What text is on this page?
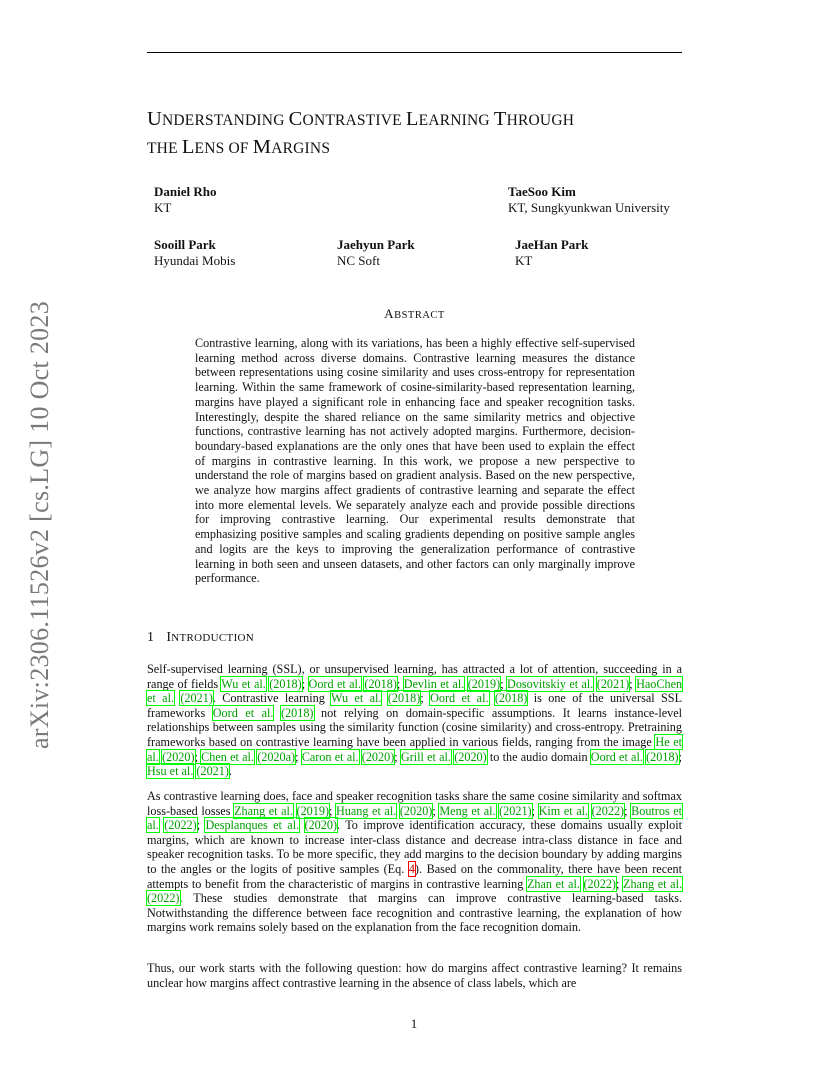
arXiv:2306.11526v2 [cs.LG] 10 Oct 2023
UNDERSTANDING CONTRASTIVE LEARNING THROUGH
THE LENS OF MARGINS
Daniel Rho
KT
TaeSoo Kim
KT, Sungkyunkwan University
Sooill Park
Hyundai Mobis
Jaehyun Park
NC Soft
JaeHan Park
KT
ABSTRACT

Contrastive learning, along with its variations, has been a highly effective self-supervised learning method across diverse domains. Contrastive learning measures the distance between representations using cosine similarity and uses cross-entropy for representation learning. Within the same framework of cosine-similarity-based representation learning, margins have played a significant role in enhancing face and speaker recognition tasks. Interestingly, despite the shared reliance on the same similarity metrics and objective functions, contrastive learning has not actively adopted margins. Furthermore, decision-boundary-based explanations are the only ones that have been used to explain the effect of margins in contrastive learning. In this work, we propose a new perspective to understand the role of margins based on gradient analysis. Based on the new perspective, we analyze how margins affect gradients of contrastive learning and separate the effect into more elemental levels. We separately analyze each and provide possible directions for improving contrastive learning. Our experimental results demonstrate that emphasizing positive samples and scaling gradients depending on positive sample angles and logits are the keys to improving the generalization performance of contrastive learning in both seen and unseen datasets, and other factors can only marginally improve performance.

1 INTRODUCTION

Self-supervised learning (SSL), or unsupervised learning, has attracted a lot of attention, succeeding in a range of fields Wu et al. (2018); Oord et al. (2018); Devlin et al. (2019); Dosovitskiy et al. (2021); HaoChen et al. (2021). Contrastive learning Wu et al. (2018); Oord et al. (2018) is one of the universal SSL frameworks Oord et al. (2018) not relying on domain-specific assumptions. It learns instance-level relationships between samples using the similarity function (cosine similarity) and cross-entropy. Pretraining frameworks based on contrastive learning have been applied in various fields, ranging from the image He et al. (2020); Chen et al. (2020a); Caron et al. (2020); Grill et al. (2020) to the audio domain Oord et al. (2018); Hsu et al. (2021).

As contrastive learning does, face and speaker recognition tasks share the same cosine similarity and softmax loss-based losses Zhang et al. (2019); Huang et al. (2020); Meng et al. (2021); Kim et al. (2022); Boutros et al. (2022); Desplanques et al. (2020). To improve identification accuracy, these domains usually exploit margins, which are known to increase inter-class distance and decrease intra-class distance in face and speaker recognition tasks. To be more specific, they add margins to the decision boundary by adding margins to the angles or the logits of positive samples (Eq. 4). Based on the commonality, there have been recent attempts to benefit from the characteristic of margins in contrastive learning Zhan et al. (2022); Zhang et al. (2022). These studies demonstrate that margins can improve contrastive learning-based tasks. Notwithstanding the difference between face recognition and contrastive learning, the explanation of how margins work remains solely based on the explanation from the face recognition domain.

Thus, our work starts with the following question: how do margins affect contrastive learning? It remains unclear how margins affect contrastive learning in the absence of class labels, which are

1
